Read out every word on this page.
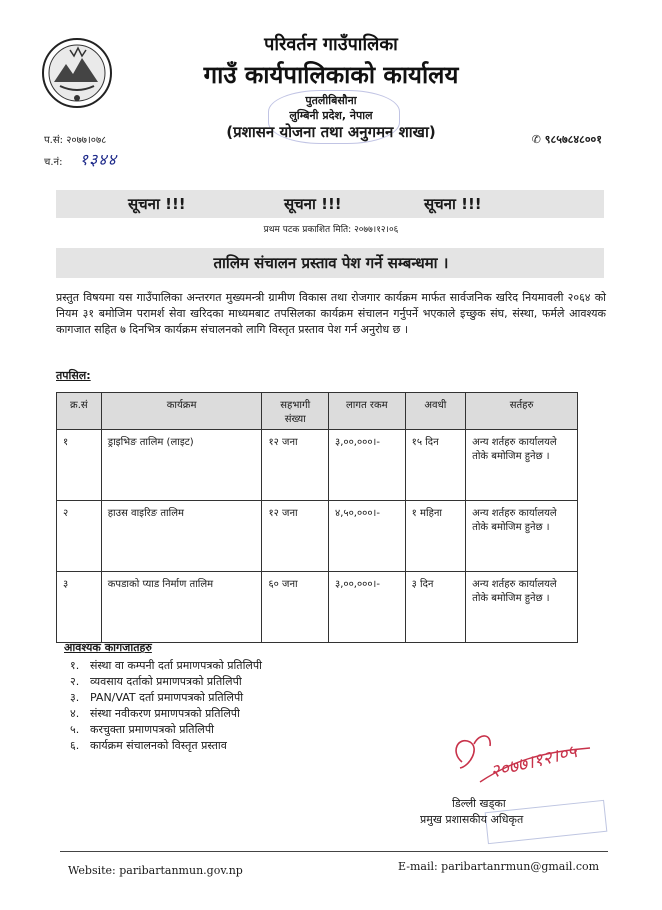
परिवर्तन गाउँपालिका
गाउँ कार्यपालिकाको कार्यालय
पुतलीबिसौना
लुम्बिनी प्रदेश, नेपाल
(प्रशासन योजना तथा अनुगमन शाखा)
प.सं: २०७७।०७८
च.नं: १३४४
✆ ९८५७८४८००१
सूचना !!!	सूचना !!!	सूचना !!!
प्रथम पटक प्रकाशित मिति: २०७७।१२।०६
तालिम संचालन प्रस्ताव पेश गर्ने सम्बन्धमा ।
प्रस्तुत विषयमा यस गाउँपालिका अन्तरगत मुख्यमन्त्री ग्रामीण विकास तथा रोजगार कार्यक्रम मार्फत सार्वजनिक खरिद नियमावली २०६४ को नियम ३१ बमोजिम परामर्श सेवा खरिदका माध्यमबाट तपसिलका कार्यक्रम संचालन गर्नुपर्ने भएकाले इच्छुक संघ, संस्था, फर्मले आवश्यक कागजात सहित ७ दिनभित्र कार्यक्रम संचालनको लागि विस्तृत प्रस्ताव पेश गर्न अनुरोध छ ।
तपसिल:
क्र.सं	कार्यक्रम	सहभागी संख्या	लागत रकम	अवधी	सर्तहरु
१	ड्राइभिङ तालिम (लाइट)	१२ जना	३,००,०००।-	१५ दिन	अन्य शर्तहरु कार्यालयले तोके बमोजिम हुनेछ ।
२	हाउस वाइरिङ तालिम	१२ जना	४,५०,०००।-	१ महिना	अन्य शर्तहरु कार्यालयले तोके बमोजिम हुनेछ ।
३	कपडाको प्याड निर्माण तालिम	६० जना	३,००,०००।-	३ दिन	अन्य शर्तहरु कार्यालयले तोके बमोजिम हुनेछ ।
आवश्यक कागजातहरु
१. संस्था वा कम्पनी दर्ता प्रमाणपत्रको प्रतिलिपी
२. व्यवसाय दर्ताको प्रमाणपत्रको प्रतिलिपी
३. PAN/VAT दर्ता प्रमाणपत्रको प्रतिलिपी
४. संस्था नवीकरण प्रमाणपत्रको प्रतिलिपी
५. करचुक्ता प्रमाणपत्रको प्रतिलिपी
६. कार्यक्रम संचालनको विस्तृत प्रस्ताव	२०७७।१२।०५
डिल्ली खड्का
प्रमुख प्रशासकीय अधिकृत
Website: paribartanmun.gov.np	E-mail: paribartanrmun@gmail.com
